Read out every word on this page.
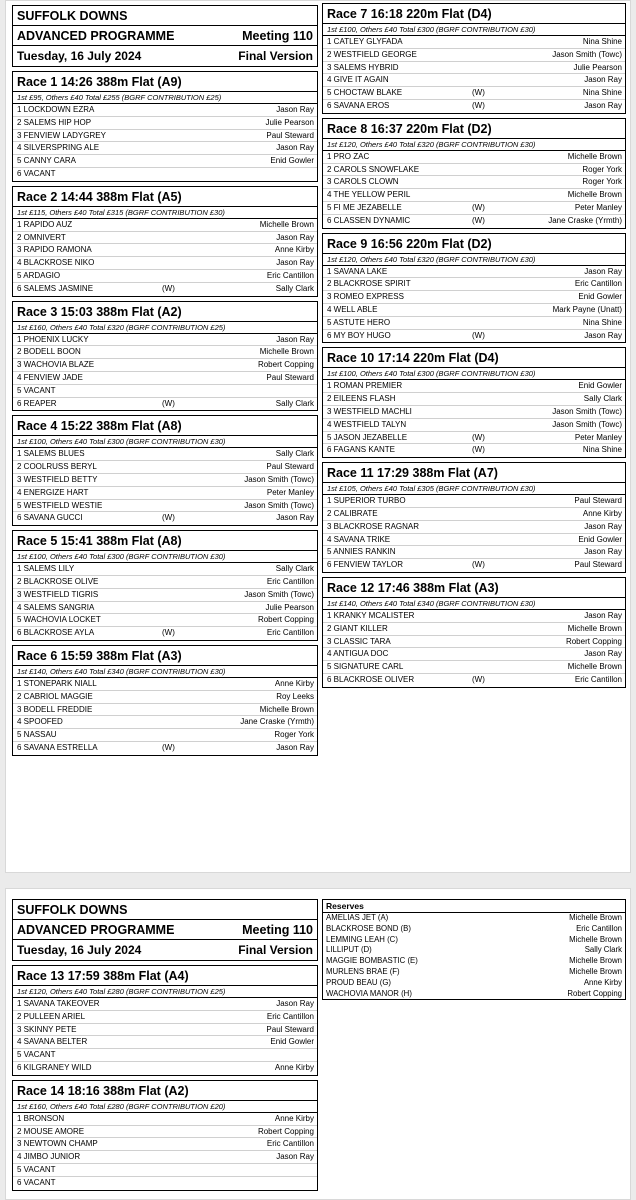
SUFFOLK DOWNS
ADVANCED PROGRAMME	Meeting 110
Tuesday, 16 July 2024	Final Version
Race 1 14:26 388m Flat (A9)
1st £95, Others £40 Total £255 (BGRF CONTRIBUTION £25)
1 LOCKDOWN EZRA	Jason Ray
2 SALEMS HIP HOP	Julie Pearson
3 FENVIEW LADYGREY	Paul Steward
4 SILVERSPRING ALE	Jason Ray
5 CANNY CARA	Enid Gowler
6 VACANT
Race 2 14:44 388m Flat (A5)
1st £115, Others £40 Total £315 (BGRF CONTRIBUTION £30)
1 RAPIDO AUZ	Michelle Brown
2 OMNIVERT	Jason Ray
3 RAPIDO RAMONA	Anne Kirby
4 BLACKROSE NIKO	Jason Ray
5 ARDAGIO	Eric Cantillon
6 SALEMS JASMINE	(W)	Sally Clark
Race 3 15:03 388m Flat (A2)
1st £160, Others £40 Total £320 (BGRF CONTRIBUTION £25)
1 PHOENIX LUCKY	Jason Ray
2 BODELL BOON	Michelle Brown
3 WACHOVIA BLAZE	Robert Copping
4 FENVIEW JADE	Paul Steward
5 VACANT
6 REAPER	(W)	Sally Clark
Race 4 15:22 388m Flat (A8)
1st £100, Others £40 Total £300 (BGRF CONTRIBUTION £30)
1 SALEMS BLUES	Sally Clark
2 COOLRUSS BERYL	Paul Steward
3 WESTFIELD BETTY	Jason Smith (Towc)
4 ENERGIZE HART	Peter Manley
5 WESTFIELD WESTIE	Jason Smith (Towc)
6 SAVANA GUCCI	(W)	Jason Ray
Race 5 15:41 388m Flat (A8)
1st £100, Others £40 Total £300 (BGRF CONTRIBUTION £30)
1 SALEMS LILY	Sally Clark
2 BLACKROSE OLIVE	Eric Cantillon
3 WESTFIELD TIGRIS	Jason Smith (Towc)
4 SALEMS SANGRIA	Julie Pearson
5 WACHOVIA LOCKET	Robert Copping
6 BLACKROSE AYLA	(W)	Eric Cantillon
Race 6 15:59 388m Flat (A3)
1st £140, Others £40 Total £340 (BGRF CONTRIBUTION £30)
1 STONEPARK NIALL	Anne Kirby
2 CABRIOL MAGGIE	Roy Leeks
3 BODELL FREDDIE	Michelle Brown
4 SPOOFED	Jane Craske (Yrmth)
5 NASSAU	Roger York
6 SAVANA ESTRELLA	(W)	Jason Ray
Race 7 16:18 220m Flat (D4)
1st £100, Others £40 Total £300 (BGRF CONTRIBUTION £30)
1 CATLEY GLYFADA	Nina Shine
2 WESTFIELD GEORGE	Jason Smith (Towc)
3 SALEMS HYBRID	Julie Pearson
4 GIVE IT AGAIN	Jason Ray
5 CHOCTAW BLAKE	(W)	Nina Shine
6 SAVANA EROS	(W)	Jason Ray
Race 8 16:37 220m Flat (D2)
1st £120, Others £40 Total £320 (BGRF CONTRIBUTION £30)
1 PRO ZAC	Michelle Brown
2 CAROLS SNOWFLAKE	Roger York
3 CAROLS CLOWN	Roger York
4 THE YELLOW PERIL	Michelle Brown
5 FI ME JEZABELLE	(W)	Peter Manley
6 CLASSEN DYNAMIC	(W)	Jane Craske (Yrmth)
Race 9 16:56 220m Flat (D2)
1st £120, Others £40 Total £320 (BGRF CONTRIBUTION £30)
1 SAVANA LAKE	Jason Ray
2 BLACKROSE SPIRIT	Eric Cantillon
3 ROMEO EXPRESS	Enid Gowler
4 WELL ABLE	Mark Payne (Unatt)
5 ASTUTE HERO	Nina Shine
6 MY BOY HUGO	(W)	Jason Ray
Race 10 17:14 220m Flat (D4)
1st £100, Others £40 Total £300 (BGRF CONTRIBUTION £30)
1 ROMAN PREMIER	Enid Gowler
2 EILEENS FLASH	Sally Clark
3 WESTFIELD MACHLI	Jason Smith (Towc)
4 WESTFIELD TALYN	Jason Smith (Towc)
5 JASON JEZABELLE	(W)	Peter Manley
6 FAGANS KANTE	(W)	Nina Shine
Race 11 17:29 388m Flat (A7)
1st £105, Others £40 Total £305 (BGRF CONTRIBUTION £30)
1 SUPERIOR TURBO	Paul Steward
2 CALIBRATE	Anne Kirby
3 BLACKROSE RAGNAR	Jason Ray
4 SAVANA TRIKE	Enid Gowler
5 ANNIES RANKIN	Jason Ray
6 FENVIEW TAYLOR	(W)	Paul Steward
Race 12 17:46 388m Flat (A3)
1st £140, Others £40 Total £340 (BGRF CONTRIBUTION £30)
1 KRANKY MCALISTER	Jason Ray
2 GIANT KILLER	Michelle Brown
3 CLASSIC TARA	Robert Copping
4 ANTIGUA DOC	Jason Ray
5 SIGNATURE CARL	Michelle Brown
6 BLACKROSE OLIVER	(W)	Eric Cantillon
SUFFOLK DOWNS
ADVANCED PROGRAMME	Meeting 110
Tuesday, 16 July 2024	Final Version
Race 13 17:59 388m Flat (A4)
1st £120, Others £40 Total £280 (BGRF CONTRIBUTION £25)
1 SAVANA TAKEOVER	Jason Ray
2 PULLEEN ARIEL	Eric Cantillon
3 SKINNY PETE	Paul Steward
4 SAVANA BELTER	Enid Gowler
5 VACANT
6 KILGRANEY WILD	Anne Kirby
Race 14 18:16 388m Flat (A2)
1st £160, Others £40 Total £280 (BGRF CONTRIBUTION £20)
1 BRONSON	Anne Kirby
2 MOUSE AMORE	Robert Copping
3 NEWTOWN CHAMP	Eric Cantillon
4 JIMBO JUNIOR	Jason Ray
5 VACANT
6 VACANT
Reserves
AMELIAS JET (A)	Michelle Brown
BLACKROSE BOND (B)	Eric Cantillon
LEMMING LEAH (C)	Michelle Brown
LILLIPUT (D)	Sally Clark
MAGGIE BOMBASTIC (E)	Michelle Brown
MURLENS BRAE (F)	Michelle Brown
PROUD BEAU (G)	Anne Kirby
WACHOVIA MANOR (H)	Robert Copping
